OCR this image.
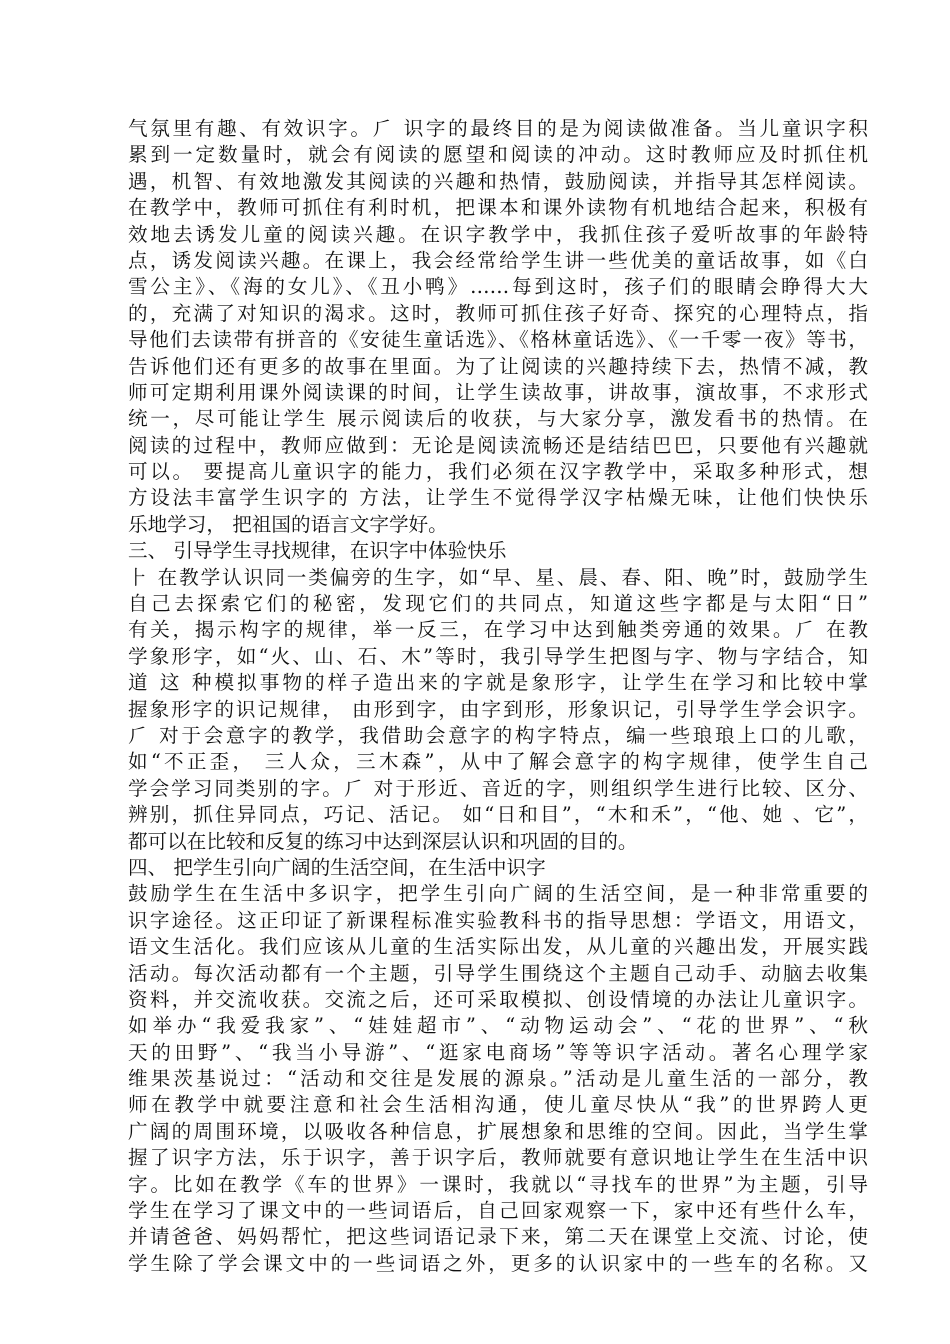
气氛里有趣、有效识字。⺁ 识字的最终目的是为阅读做准备。当儿童识字积
累到一定数量时，就会有阅读的愿望和阅读的冲动。这时教师应及时抓住机
遇，机智、有效地激发其阅读的兴趣和热情，鼓励阅读，并指导其怎样阅读。
在教学中，教师可抓住有利时机，把课本和课外读物有机地结合起来，积极有
效地去诱发儿童的阅读兴趣。在识字教学中，我抓住孩子爱听故事的年龄特
点，诱发阅读兴趣。在课上，我会经常给学生讲一些优美的童话故事，如《白
雪公主》、《海的女儿》、《丑小鸭》……每到这时，孩子们的眼睛会睁得大大
的，充满了对知识的渴求。这时，教师可抓住孩子好奇、探究的心理特点，指
导他们去读带有拼音的《安徒生童话选》、《格林童话选》、《一千零一夜》等书，
告诉他们还有更多的故事在里面。为了让阅读的兴趣持续下去，热情不减，教
师可定期利用课外阅读课的时间，让学生读故事，讲故事，演故事，不求形式
统一，尽可能让学生 展示阅读后的收获，与大家分享，激发看书的热情。在
阅读的过程中，教师应做到：无论是阅读流畅还是结结巴巴，只要他有兴趣就
可以。 要提高儿童识字的能力，我们必须在汉字教学中，采取多种形式，想
方设法丰富学生识字的 方法，让学生不觉得学汉字枯燥无味，让他们快快乐
乐地学习， 把祖国的语言文字学好。
三、 引导学生寻找规律，在识字中体验快乐
⺊ 在教学认识同一类偏旁的生字，如“早、星、晨、春、阳、晚”时，鼓励学生
自己去探索它们的秘密，发现它们的共同点，知道这些字都是与太阳“日”
有关，揭示构字的规律，举一反三，在学习中达到触类旁通的效果。⺁ 在教
学象形字，如“火、山、石、木”等时，我引导学生把图与字、物与字结合，知
道 这 种模拟事物的样子造出来的字就是象形字，让学生在学习和比较中掌
握象形字的识记规律， 由形到字，由字到形，形象识记，引导学生学会识字。
⺁ 对于会意字的教学，我借助会意字的构字特点，编一些琅琅上口的儿歌，
如“不正歪， 三人众，三木森”，从中了解会意字的构字规律，使学生自己
学会学习同类别的字。⺁ 对于形近、音近的字，则组织学生进行比较、区分、
辨别，抓住异同点，巧记、活记。 如“日和目”，“木和禾”，“他、她 、它”，
都可以在比较和反复的练习中达到深层认识和巩固的目的。
四、 把学生引向广阔的生活空间，在生活中识字
鼓励学生在生活中多识字，把学生引向广阔的生活空间，是一种非常重要的
识字途径。这正印证了新课程标准实验教科书的指导思想：学语文，用语文，
语文生活化。我们应该从儿童的生活实际出发，从儿童的兴趣出发，开展实践
活动。每次活动都有一个主题，引导学生围绕这个主题自己动手、动脑去收集
资料，并交流收获。交流之后，还可采取模拟、创设情境的办法让儿童识字。
如举办“我爱我家”、“娃娃超市”、“动物运动会”、“花的世界”、“秋
天的田野”、“我当小导游”、“逛家电商场”等等识字活动。著名心理学家
维果茨基说过：“活动和交往是发展的源泉。”活动是儿童生活的一部分，教
师在教学中就要注意和社会生活相沟通，使儿童尽快从“我”的世界跨人更
广阔的周围环境，以吸收各种信息，扩展想象和思维的空间。因此，当学生掌
握了识字方法，乐于识字，善于识字后，教师就要有意识地让学生在生活中识
字。比如在教学《车的世界》一课时，我就以“寻找车的世界”为主题，引导
学生在学习了课文中的一些词语后，自己回家观察一下，家中还有些什么车，
并请爸爸、妈妈帮忙，把这些词语记录下来，第二天在课堂上交流、讨论，使
学生除了学会课文中的一些词语之外，更多的认识家中的一些车的名称。又
